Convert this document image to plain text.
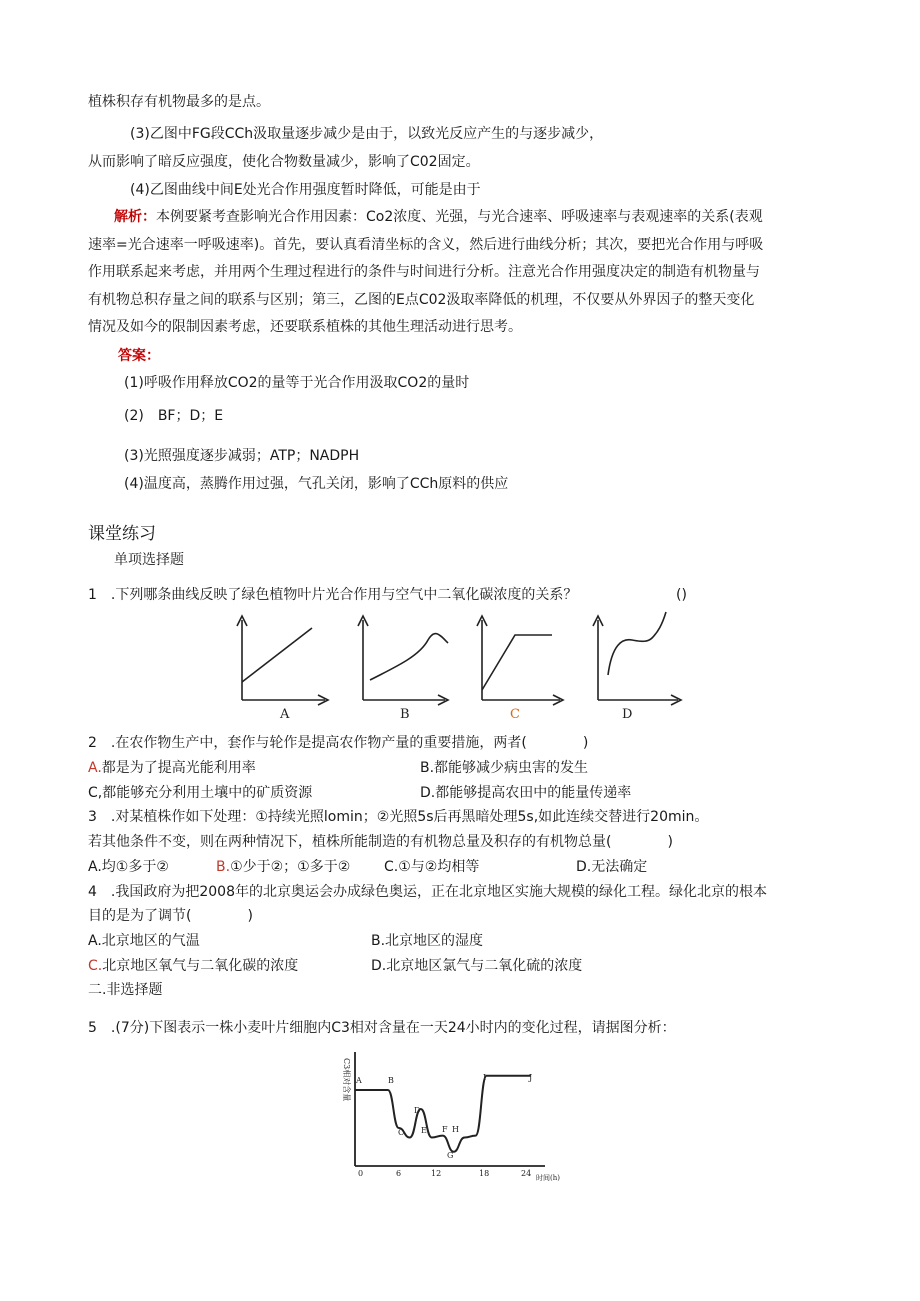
植株积存有机物最多的是点。
(3)乙图中FG段CCh汲取量逐步减少是由于，以致光反应产生的与逐步减少，
从而影响了暗反应强度，使化合物数量减少，影响了C02固定。
(4)乙图曲线中间E处光合作用强度暂时降低，可能是由于
解析：本例要紧考查影响光合作用因素：Co2浓度、光强，与光合速率、呼吸速率与表观速率的关系(表观
速率=光合速率一呼吸速率)。首先，要认真看清坐标的含义，然后进行曲线分析；其次，要把光合作用与呼吸
作用联系起来考虑，并用两个生理过程进行的条件与时间进行分析。注意光合作用强度决定的制造有机物量与
有机物总积存量之间的联系与区别；第三，乙图的E点C02汲取率降低的机理，不仅要从外界因子的整天变化
情况及如今的限制因素考虑，还要联系植株的其他生理活动进行思考。
答案：
(1)呼吸作用释放CO2的量等于光合作用汲取CO2的量时
(2)　BF；D；E
(3)光照强度逐步减弱；ATP；NADPH
(4)温度高，蒸腾作用过强，气孔关闭，影响了CCh原料的供应
课堂练习
单项选择题
1　.下列哪条曲线反映了绿色植物叶片光合作用与空气中二氧化碳浓度的关系？	()
A	B	C	D
2　.在农作物生产中，套作与轮作是提高农作物产量的重要措施，两者(　　　　)
A.都是为了提高光能利用率	B.都能够减少病虫害的发生
C,都能够充分利用土壤中的矿质资源	D.都能够提高农田中的能量传递率
3　.对某植株作如下处理：①持续光照lomin；②光照5s后再黑暗处理5s,如此连续交替进行20min。
若其他条件不变，则在两种情况下，植株所能制造的有机物总量及积存的有机物总量(　　　　)
A.均①多于②	B.①少于②；①多于② C.①与②均相等	D.无法确定
4　.我国政府为把2008年的北京奥运会办成绿色奥运，正在北京地区实施大规模的绿化工程。绿化北京的根本
目的是为了调节(　　　　)
A.北京地区的气温	B.北京地区的湿度
C.北京地区氧气与二氧化碳的浓度	D.北京地区氯气与二氧化硫的浓度
二.非选择题
5　.(7分)下图表示一株小麦叶片细胞内C3相对含量在一天24小时内的变化过程，请据图分析：
C3相对含量
时间(h)
0	6	12	18	24
A	B
C
D
E F H
G
I	J
